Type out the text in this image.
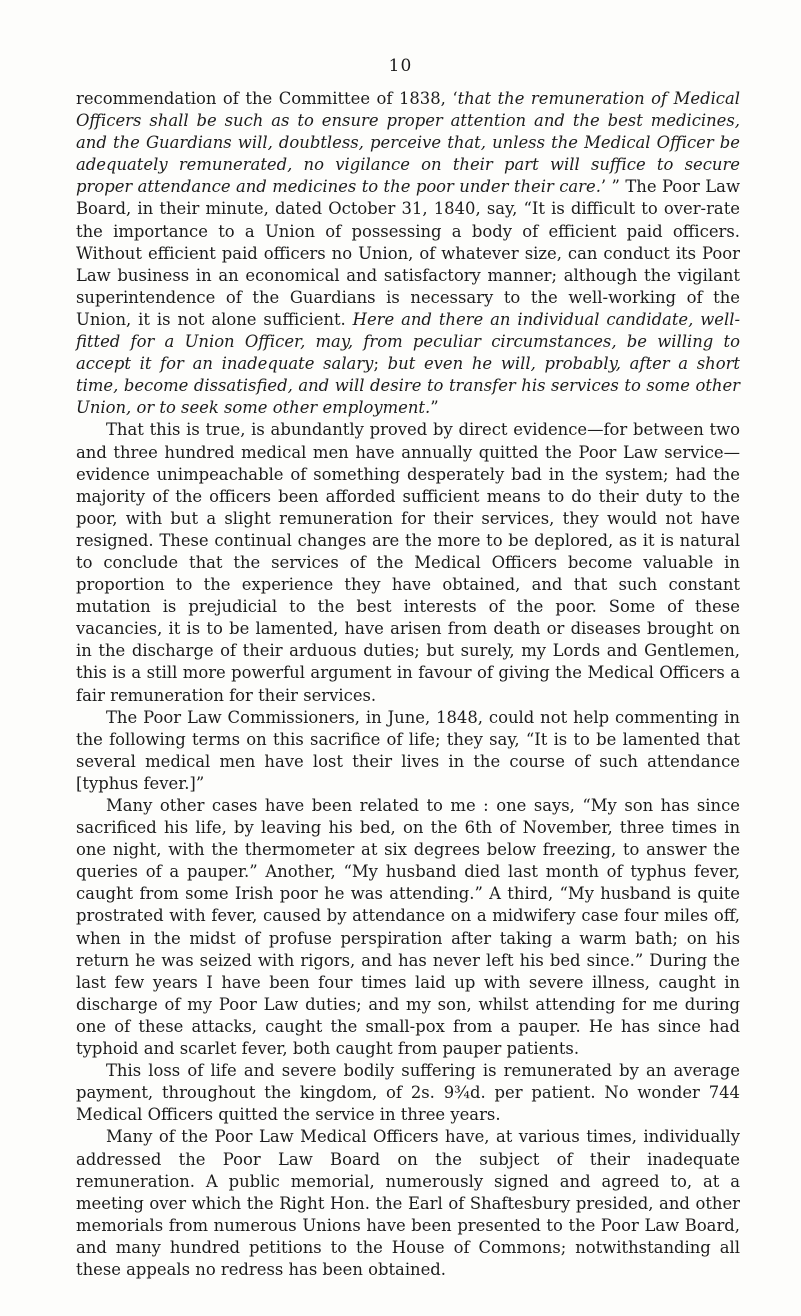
10

recommendation of the Committee of 1838, ‘that the remuneration of Medical Officers shall be such as to ensure proper attention and the best medicines, and the Guardians will, doubtless, perceive that, unless the Medical Officer be adequately remunerated, no vigilance on their part will suffice to secure proper attendance and medicines to the poor under their care.’ ” The Poor Law Board, in their minute, dated October 31, 1840, say, “It is difficult to over-rate the importance to a Union of possessing a body of efficient paid officers. Without efficient paid officers no Union, of whatever size, can conduct its Poor Law business in an economical and satisfactory manner; although the vigilant superintendence of the Guardians is necessary to the well-working of the Union, it is not alone sufficient. Here and there an individual candidate, well-fitted for a Union Officer, may, from peculiar circumstances, be willing to accept it for an inadequate salary; but even he will, probably, after a short time, become dissatisfied, and will desire to transfer his services to some other Union, or to seek some other employment.”

That this is true, is abundantly proved by direct evidence—for between two and three hundred medical men have annually quitted the Poor Law service—evidence unimpeachable of something desperately bad in the system; had the majority of the officers been afforded sufficient means to do their duty to the poor, with but a slight remuneration for their services, they would not have resigned. These continual changes are the more to be deplored, as it is natural to conclude that the services of the Medical Officers become valuable in proportion to the experience they have obtained, and that such constant mutation is prejudicial to the best interests of the poor. Some of these vacancies, it is to be lamented, have arisen from death or diseases brought on in the discharge of their arduous duties; but surely, my Lords and Gentlemen, this is a still more powerful argument in favour of giving the Medical Officers a fair remuneration for their services.

The Poor Law Commissioners, in June, 1848, could not help commenting in the following terms on this sacrifice of life; they say, “It is to be lamented that several medical men have lost their lives in the course of such attendance [typhus fever.]”

Many other cases have been related to me : one says, “My son has since sacrificed his life, by leaving his bed, on the 6th of November, three times in one night, with the thermometer at six degrees below freezing, to answer the queries of a pauper.” Another, “My husband died last month of typhus fever, caught from some Irish poor he was attending.” A third, “My husband is quite prostrated with fever, caused by attendance on a midwifery case four miles off, when in the midst of profuse perspiration after taking a warm bath; on his return he was seized with rigors, and has never left his bed since.” During the last few years I have been four times laid up with severe illness, caught in discharge of my Poor Law duties; and my son, whilst attending for me during one of these attacks, caught the small-pox from a pauper. He has since had typhoid and scarlet fever, both caught from pauper patients.

This loss of life and severe bodily suffering is remunerated by an average payment, throughout the kingdom, of 2s. 9¾d. per patient. No wonder 744 Medical Officers quitted the service in three years.

Many of the Poor Law Medical Officers have, at various times, individually addressed the Poor Law Board on the subject of their inadequate remuneration. A public memorial, numerously signed and agreed to, at a meeting over which the Right Hon. the Earl of Shaftesbury presided, and other memorials from numerous Unions have been presented to the Poor Law Board, and many hundred petitions to the House of Commons; notwithstanding all these appeals no redress has been obtained.
